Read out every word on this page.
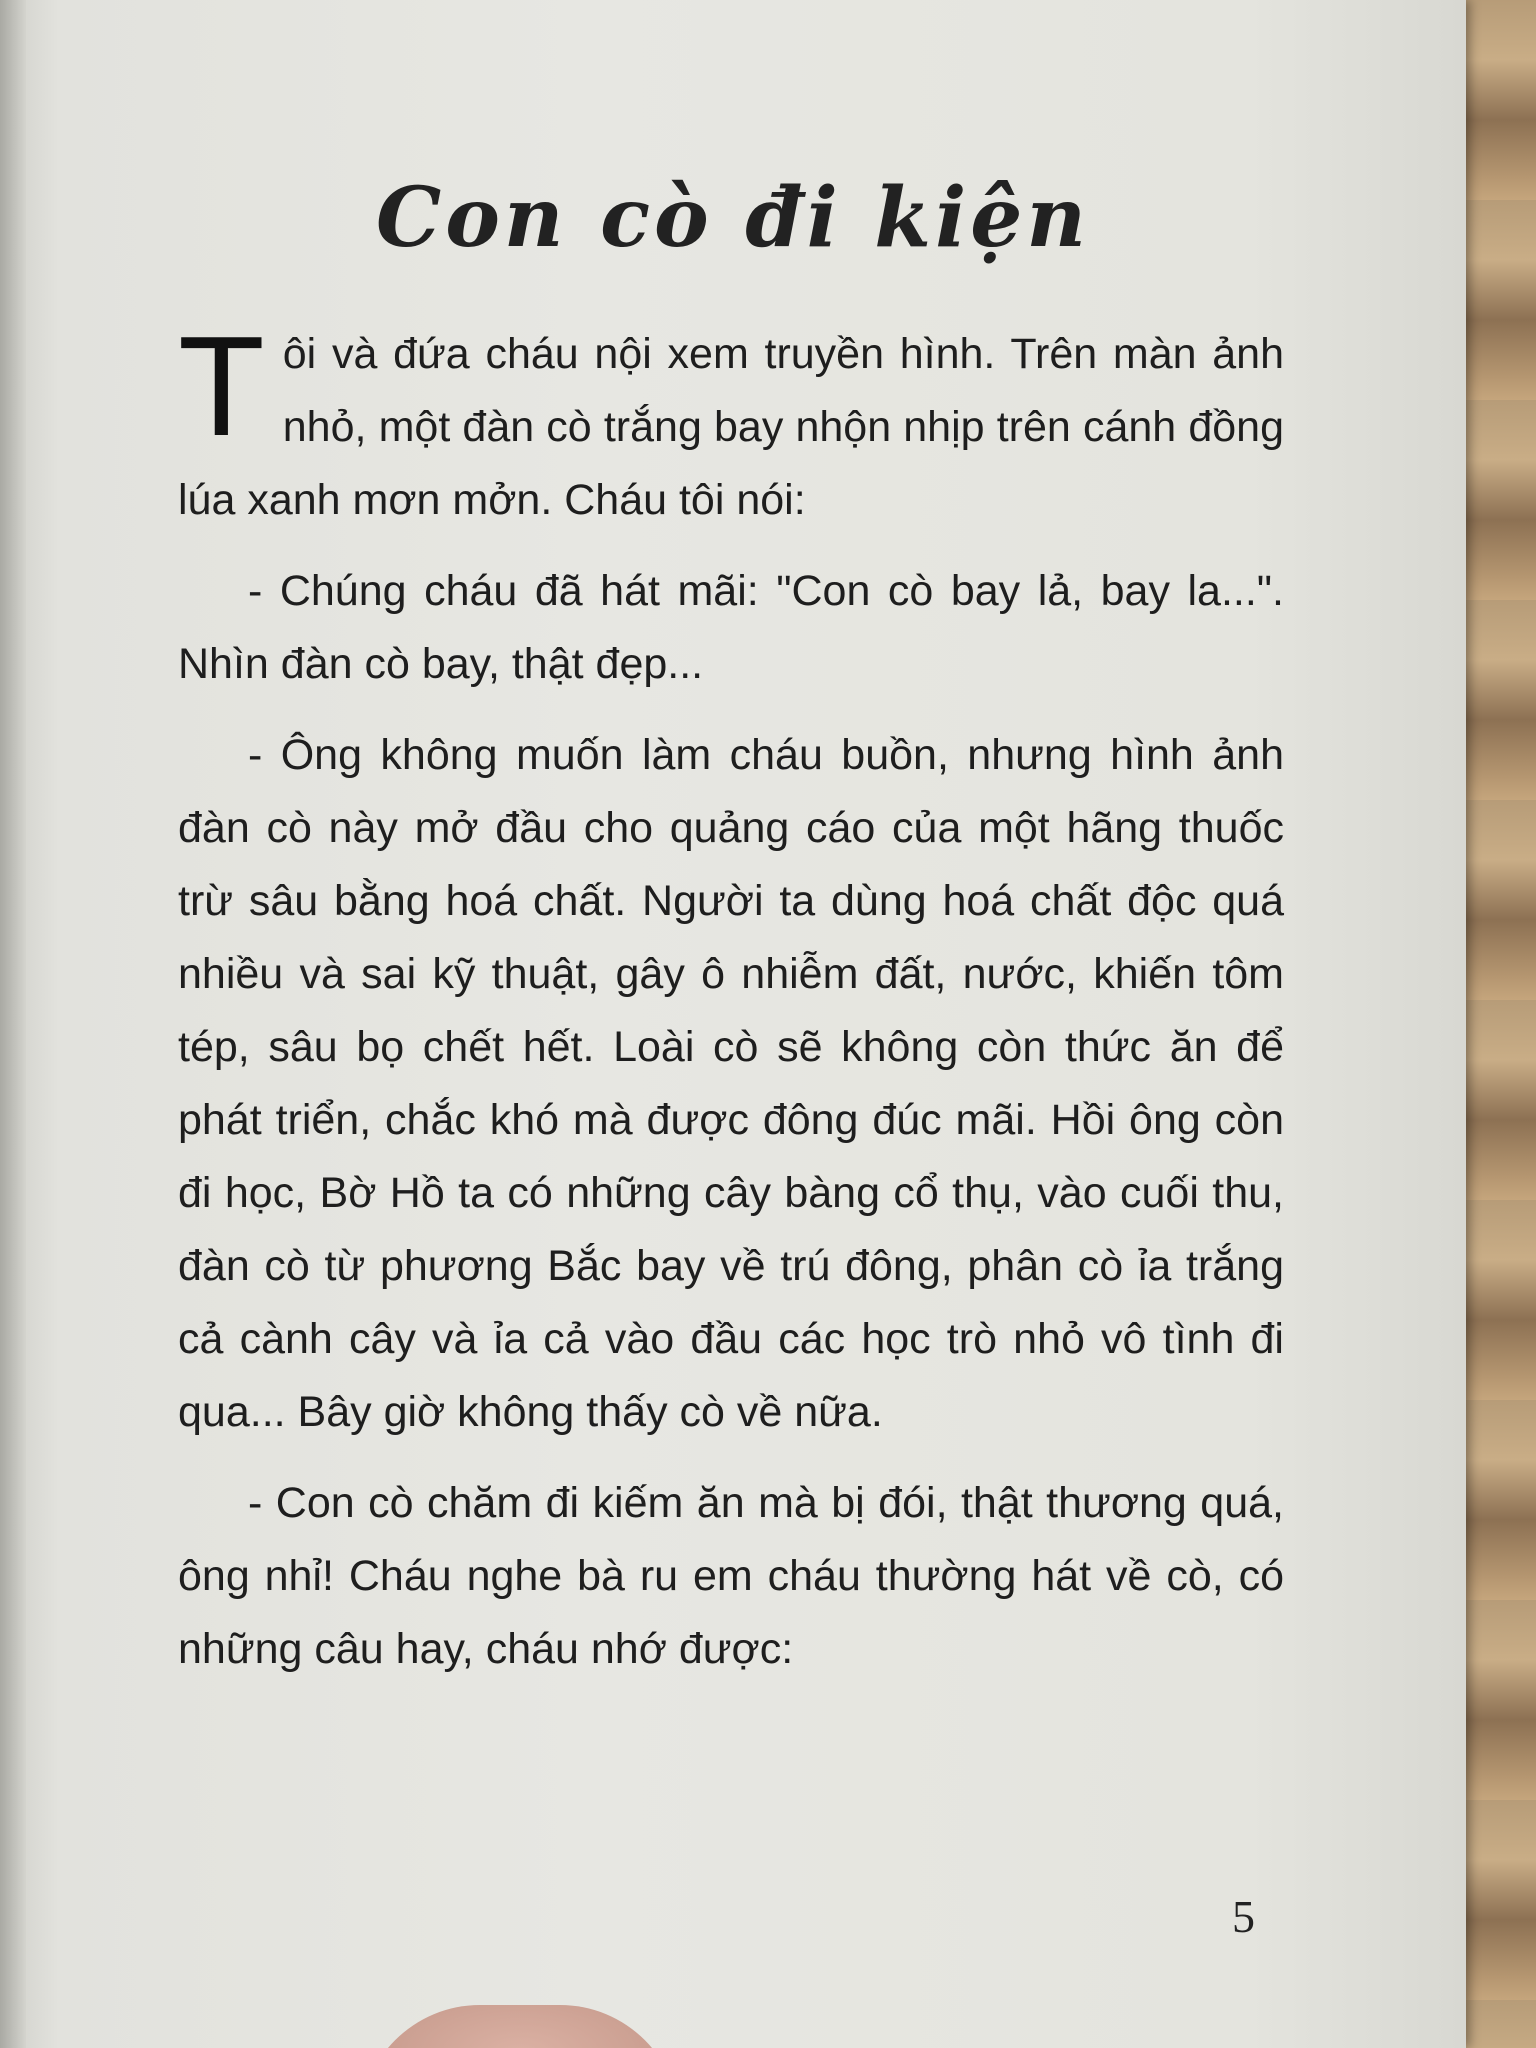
Con cò đi kiện

Tôi và đứa cháu nội xem truyền hình. Trên màn ảnh nhỏ, một đàn cò trắng bay nhộn nhịp trên cánh đồng lúa xanh mơn mởn. Cháu tôi nói:

- Chúng cháu đã hát mãi: "Con cò bay lả, bay la...". Nhìn đàn cò bay, thật đẹp...

- Ông không muốn làm cháu buồn, nhưng hình ảnh đàn cò này mở đầu cho quảng cáo của một hãng thuốc trừ sâu bằng hoá chất. Người ta dùng hoá chất độc quá nhiều và sai kỹ thuật, gây ô nhiễm đất, nước, khiến tôm tép, sâu bọ chết hết. Loài cò sẽ không còn thức ăn để phát triển, chắc khó mà được đông đúc mãi. Hồi ông còn đi học, Bờ Hồ ta có những cây bàng cổ thụ, vào cuối thu, đàn cò từ phương Bắc bay về trú đông, phân cò ỉa trắng cả cành cây và ỉa cả vào đầu các học trò nhỏ vô tình đi qua... Bây giờ không thấy cò về nữa.

- Con cò chăm đi kiếm ăn mà bị đói, thật thương quá, ông nhỉ! Cháu nghe bà ru em cháu thường hát về cò, có những câu hay, cháu nhớ được:

5
